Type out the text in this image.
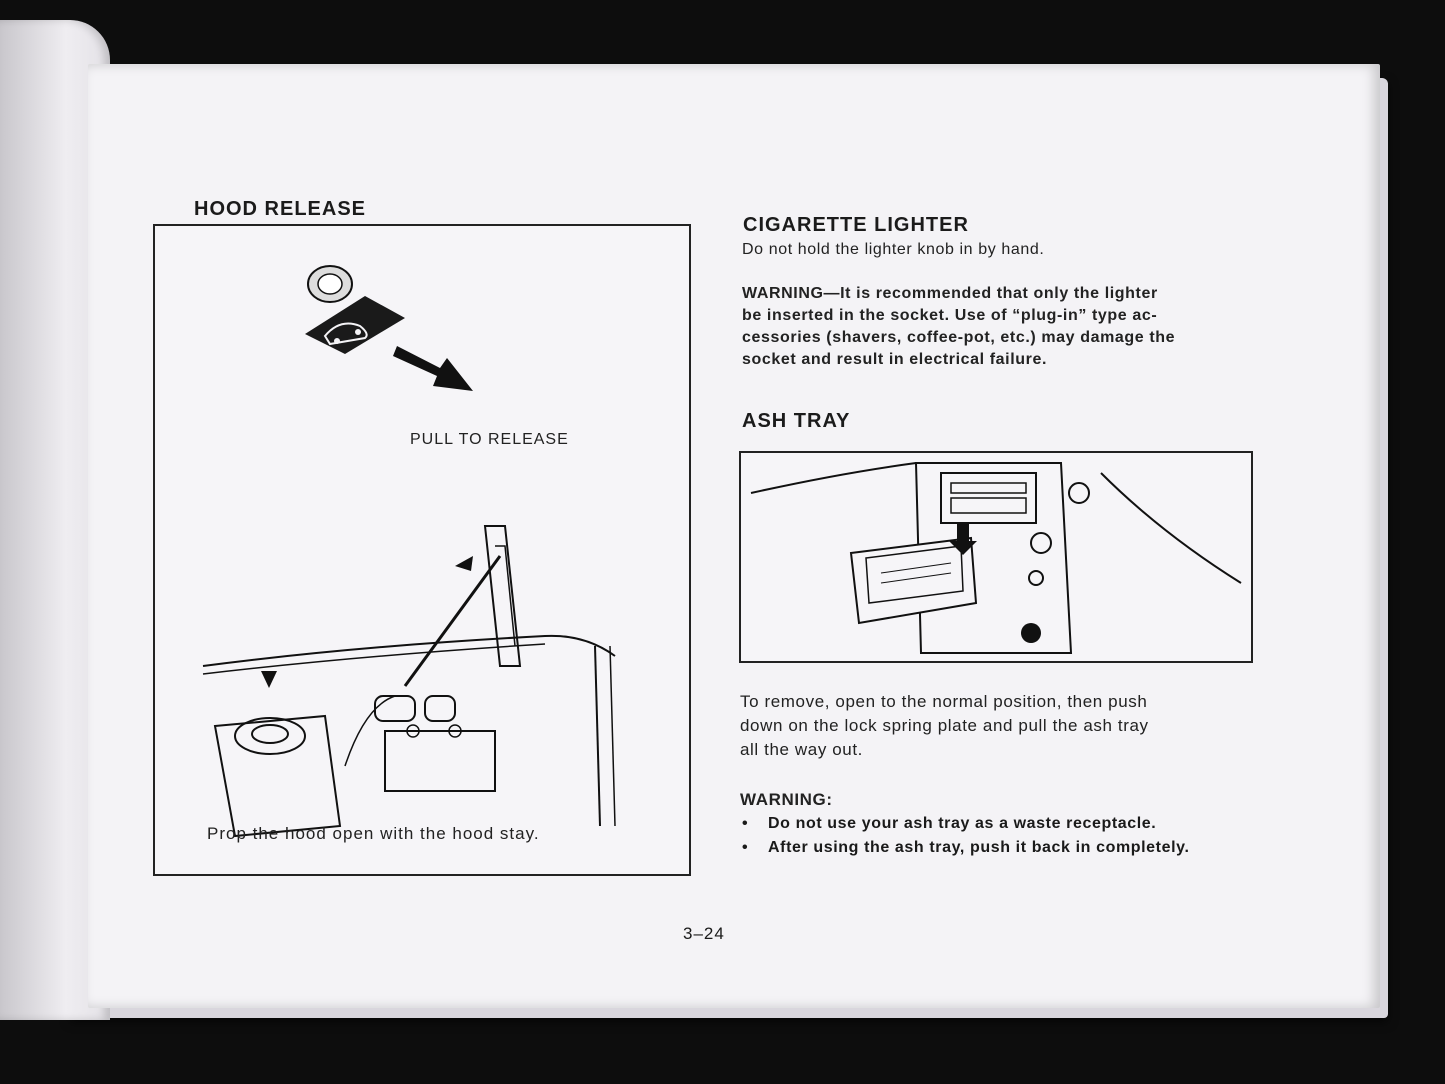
HOOD RELEASE
PULL TO RELEASE
Prop the hood open with the hood stay.
CIGARETTE LIGHTER

Do not hold the lighter knob in by hand.

WARNING—It is recommended that only the lighter

be inserted in the socket. Use of “plug-in” type ac-

cessories (shavers, coffee-pot, etc.) may damage the

socket and result in electrical failure.

ASH TRAY

To remove, open to the normal position, then push

down on the lock spring plate and pull the ash tray

all the way out.

WARNING:

• Do not use your ash tray as a waste receptacle.
• After using the ash tray, push it back in completely.
3–24
